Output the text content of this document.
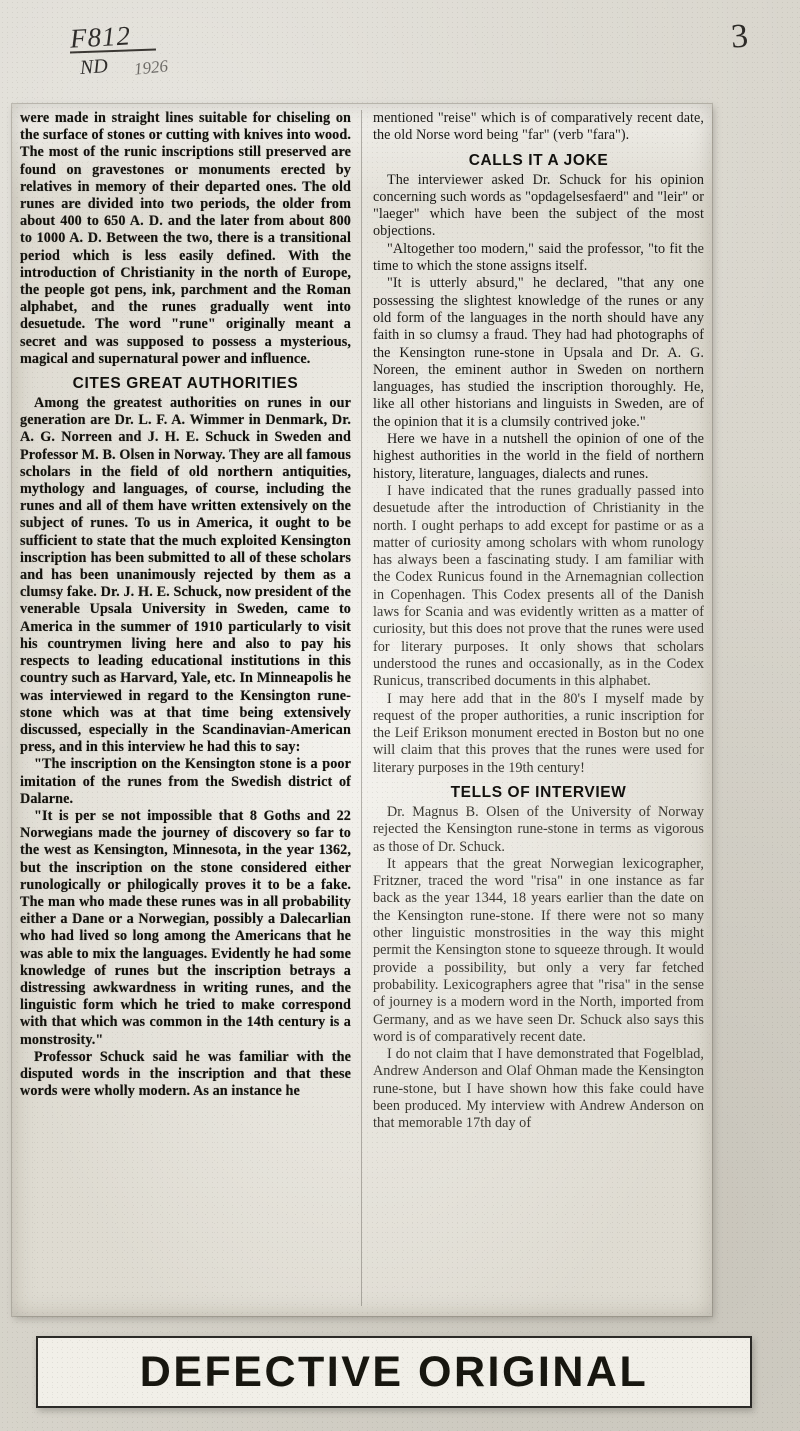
F812
ND 1926
3

were made in straight lines suitable for chiseling on the surface of stones or cutting with knives into wood. The most of the runic inscriptions still preserved are found on gravestones or monuments erected by relatives in memory of their departed ones. The old runes are divided into two periods, the older from about 400 to 650 A. D. and the later from about 800 to 1000 A. D. Between the two, there is a transitional period which is less easily defined. With the introduction of Christianity in the north of Europe, the people got pens, ink, parchment and the Roman alphabet, and the runes gradually went into desuetude. The word "rune" originally meant a secret and was supposed to possess a mysterious, magical and supernatural power and influence.

CITES GREAT AUTHORITIES

Among the greatest authorities on runes in our generation are Dr. L. F. A. Wimmer in Denmark, Dr. A. G. Norreen and J. H. E. Schuck in Sweden and Professor M. B. Olsen in Norway. They are all famous scholars in the field of old northern antiquities, mythology and languages, of course, including the runes and all of them have written extensively on the subject of runes. To us in America, it ought to be sufficient to state that the much exploited Kensington inscription has been submitted to all of these scholars and has been unanimously rejected by them as a clumsy fake. Dr. J. H. E. Schuck, now president of the venerable Upsala University in Sweden, came to America in the summer of 1910 particularly to visit his countrymen living here and also to pay his respects to leading educational institutions in this country such as Harvard, Yale, etc. In Minneapolis he was interviewed in regard to the Kensington rune-stone which was at that time being extensively discussed, especially in the Scandinavian-American press, and in this interview he had this to say:

"The inscription on the Kensington stone is a poor imitation of the runes from the Swedish district of Dalarne.

"It is per se not impossible that 8 Goths and 22 Norwegians made the journey of discovery so far to the west as Kensington, Minnesota, in the year 1362, but the inscription on the stone considered either runologically or philogically proves it to be a fake. The man who made these runes was in all probability either a Dane or a Norwegian, possibly a Dalecarlian who had lived so long among the Americans that he was able to mix the languages. Evidently he had some knowledge of runes but the inscription betrays a distressing awkwardness in writing runes, and the linguistic form which he tried to make correspond with that which was common in the 14th century is a monstrosity."

Professor Schuck said he was familiar with the disputed words in the inscription and that these words were wholly modern. As an instance he

mentioned "reise" which is of comparatively recent date, the old Norse word being "far" (verb "fara").

CALLS IT A JOKE

The interviewer asked Dr. Schuck for his opinion concerning such words as "opdagelsesfaerd" and "leir" or "laeger" which have been the subject of the most objections.

"Altogether too modern," said the professor, "to fit the time to which the stone assigns itself.

"It is utterly absurd," he declared, "that any one possessing the slightest knowledge of the runes or any old form of the languages in the north should have any faith in so clumsy a fraud. They had had photographs of the Kensington rune-stone in Upsala and Dr. A. G. Noreen, the eminent author in Sweden on northern languages, has studied the inscription thoroughly. He, like all other historians and linguists in Sweden, are of the opinion that it is a clumsily contrived joke."

Here we have in a nutshell the opinion of one of the highest authorities in the world in the field of northern history, literature, languages, dialects and runes.

I have indicated that the runes gradually passed into desuetude after the introduction of Christianity in the north. I ought perhaps to add except for pastime or as a matter of curiosity among scholars with whom runology has always been a fascinating study. I am familiar with the Codex Runicus found in the Arnemagnian collection in Copenhagen. This Codex presents all of the Danish laws for Scania and was evidently written as a matter of curiosity, but this does not prove that the runes were used for literary purposes. It only shows that scholars understood the runes and occasionally, as in the Codex Runicus, transcribed documents in this alphabet.

I may here add that in the 80's I myself made by request of the proper authorities, a runic inscription for the Leif Erikson monument erected in Boston but no one will claim that this proves that the runes were used for literary purposes in the 19th century!

TELLS OF INTERVIEW

Dr. Magnus B. Olsen of the University of Norway rejected the Kensington rune-stone in terms as vigorous as those of Dr. Schuck.

It appears that the great Norwegian lexicographer, Fritzner, traced the word "risa" in one instance as far back as the year 1344, 18 years earlier than the date on the Kensington rune-stone. If there were not so many other linguistic monstrosities in the way this might permit the Kensington stone to squeeze through. It would provide a possibility, but only a very far fetched probability. Lexicographers agree that "risa" in the sense of journey is a modern word in the North, imported from Germany, and as we have seen Dr. Schuck also says this word is of comparatively recent date.

I do not claim that I have demonstrated that Fogelblad, Andrew Anderson and Olaf Ohman made the Kensington rune-stone, but I have shown how this fake could have been produced. My interview with Andrew Anderson on that memorable 17th day of

DEFECTIVE ORIGINAL
